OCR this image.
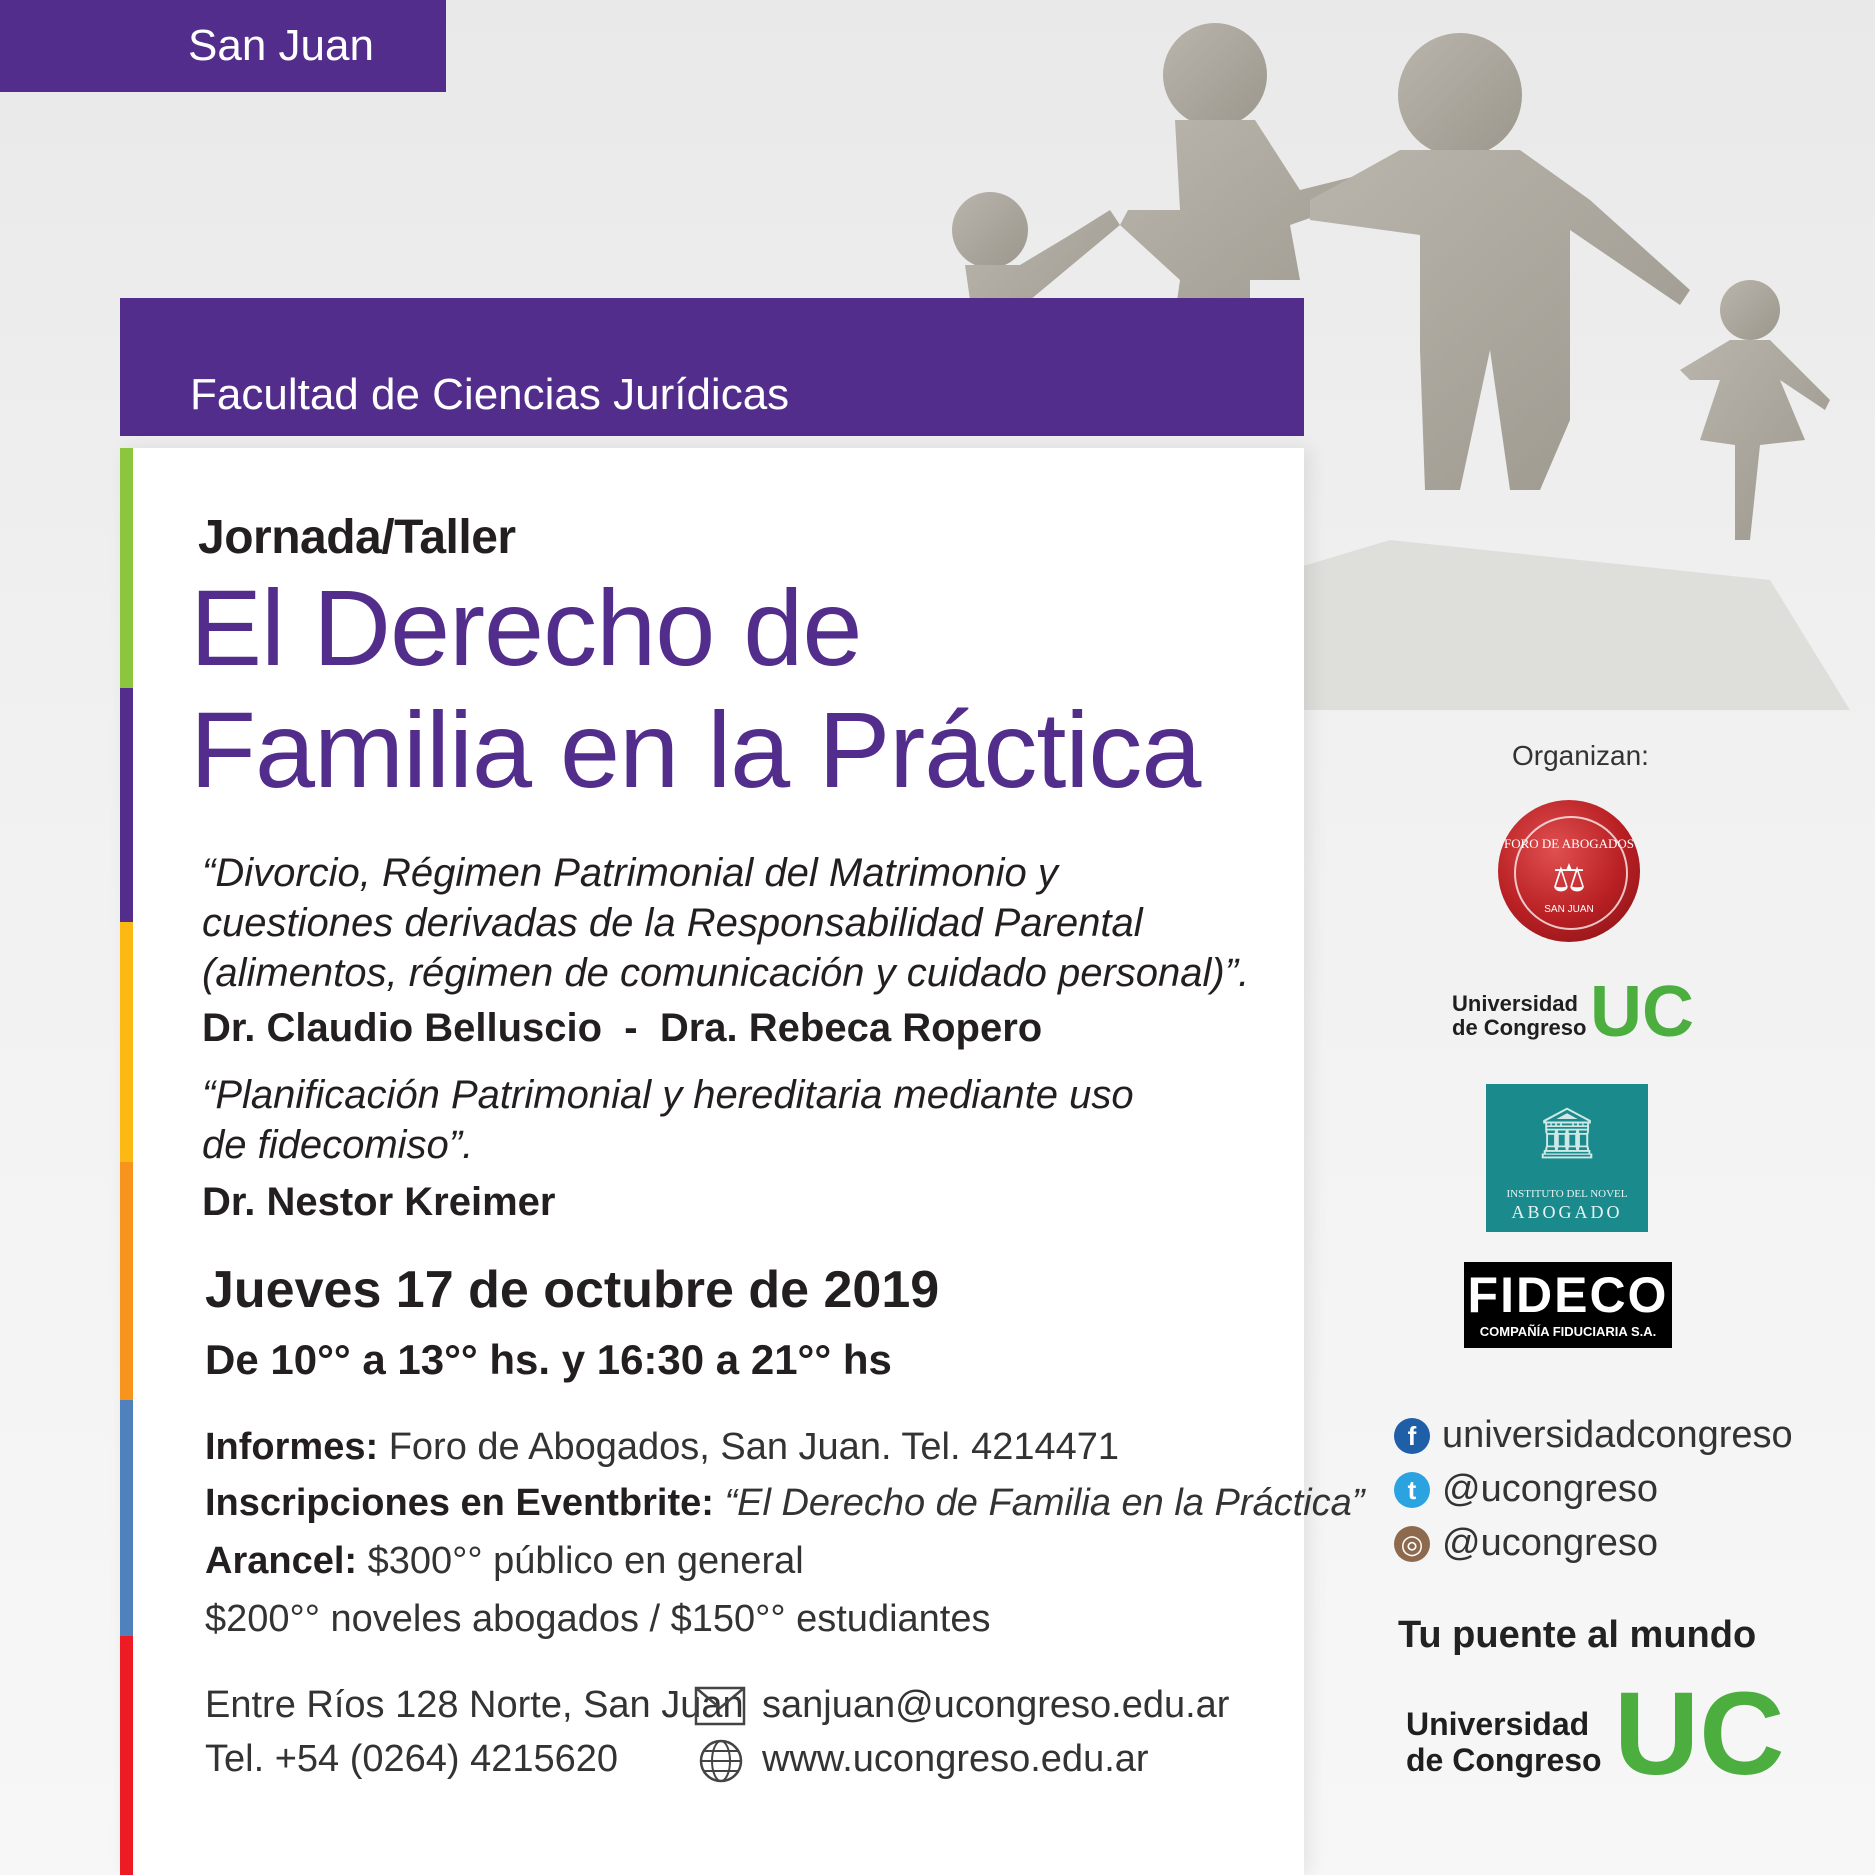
San Juan
Facultad de Ciencias Jurídicas
Jornada/Taller
El Derecho de
Familia en la Práctica
“Divorcio, Régimen Patrimonial del Matrimonio y
cuestiones derivadas de la Responsabilidad Parental
(alimentos, régimen de comunicación y cuidado personal)”.
Dr. Claudio Belluscio  -  Dra. Rebeca Ropero
“Planificación Patrimonial y hereditaria mediante uso
de fidecomiso”.
Dr. Nestor Kreimer
Jueves 17 de octubre de 2019
De 10°° a 13°° hs. y 16:30 a 21°° hs
Informes: Foro de Abogados, San Juan. Tel. 4214471
Inscripciones en Eventbrite: “El Derecho de Familia en la Práctica”
Arancel: $300°° público en general
$200°° noveles abogados / $150°° estudiantes
Entre Ríos 128 Norte, San Juan
Tel. +54 (0264) 4215620
sanjuan@ucongreso.edu.ar
www.ucongreso.edu.ar
Organizan:
FORO DE ABOGADOS
⚖
SAN JUAN
Universidad
de Congreso UC
🏛
INSTITUTO DEL NOVEL
ABOGADO
FIDECO
COMPAÑÍA FIDUCIARIA S.A.
f universidadcongreso
t @ucongreso
◎ @ucongreso
Tu puente al mundo
Universidad
de Congreso UC
